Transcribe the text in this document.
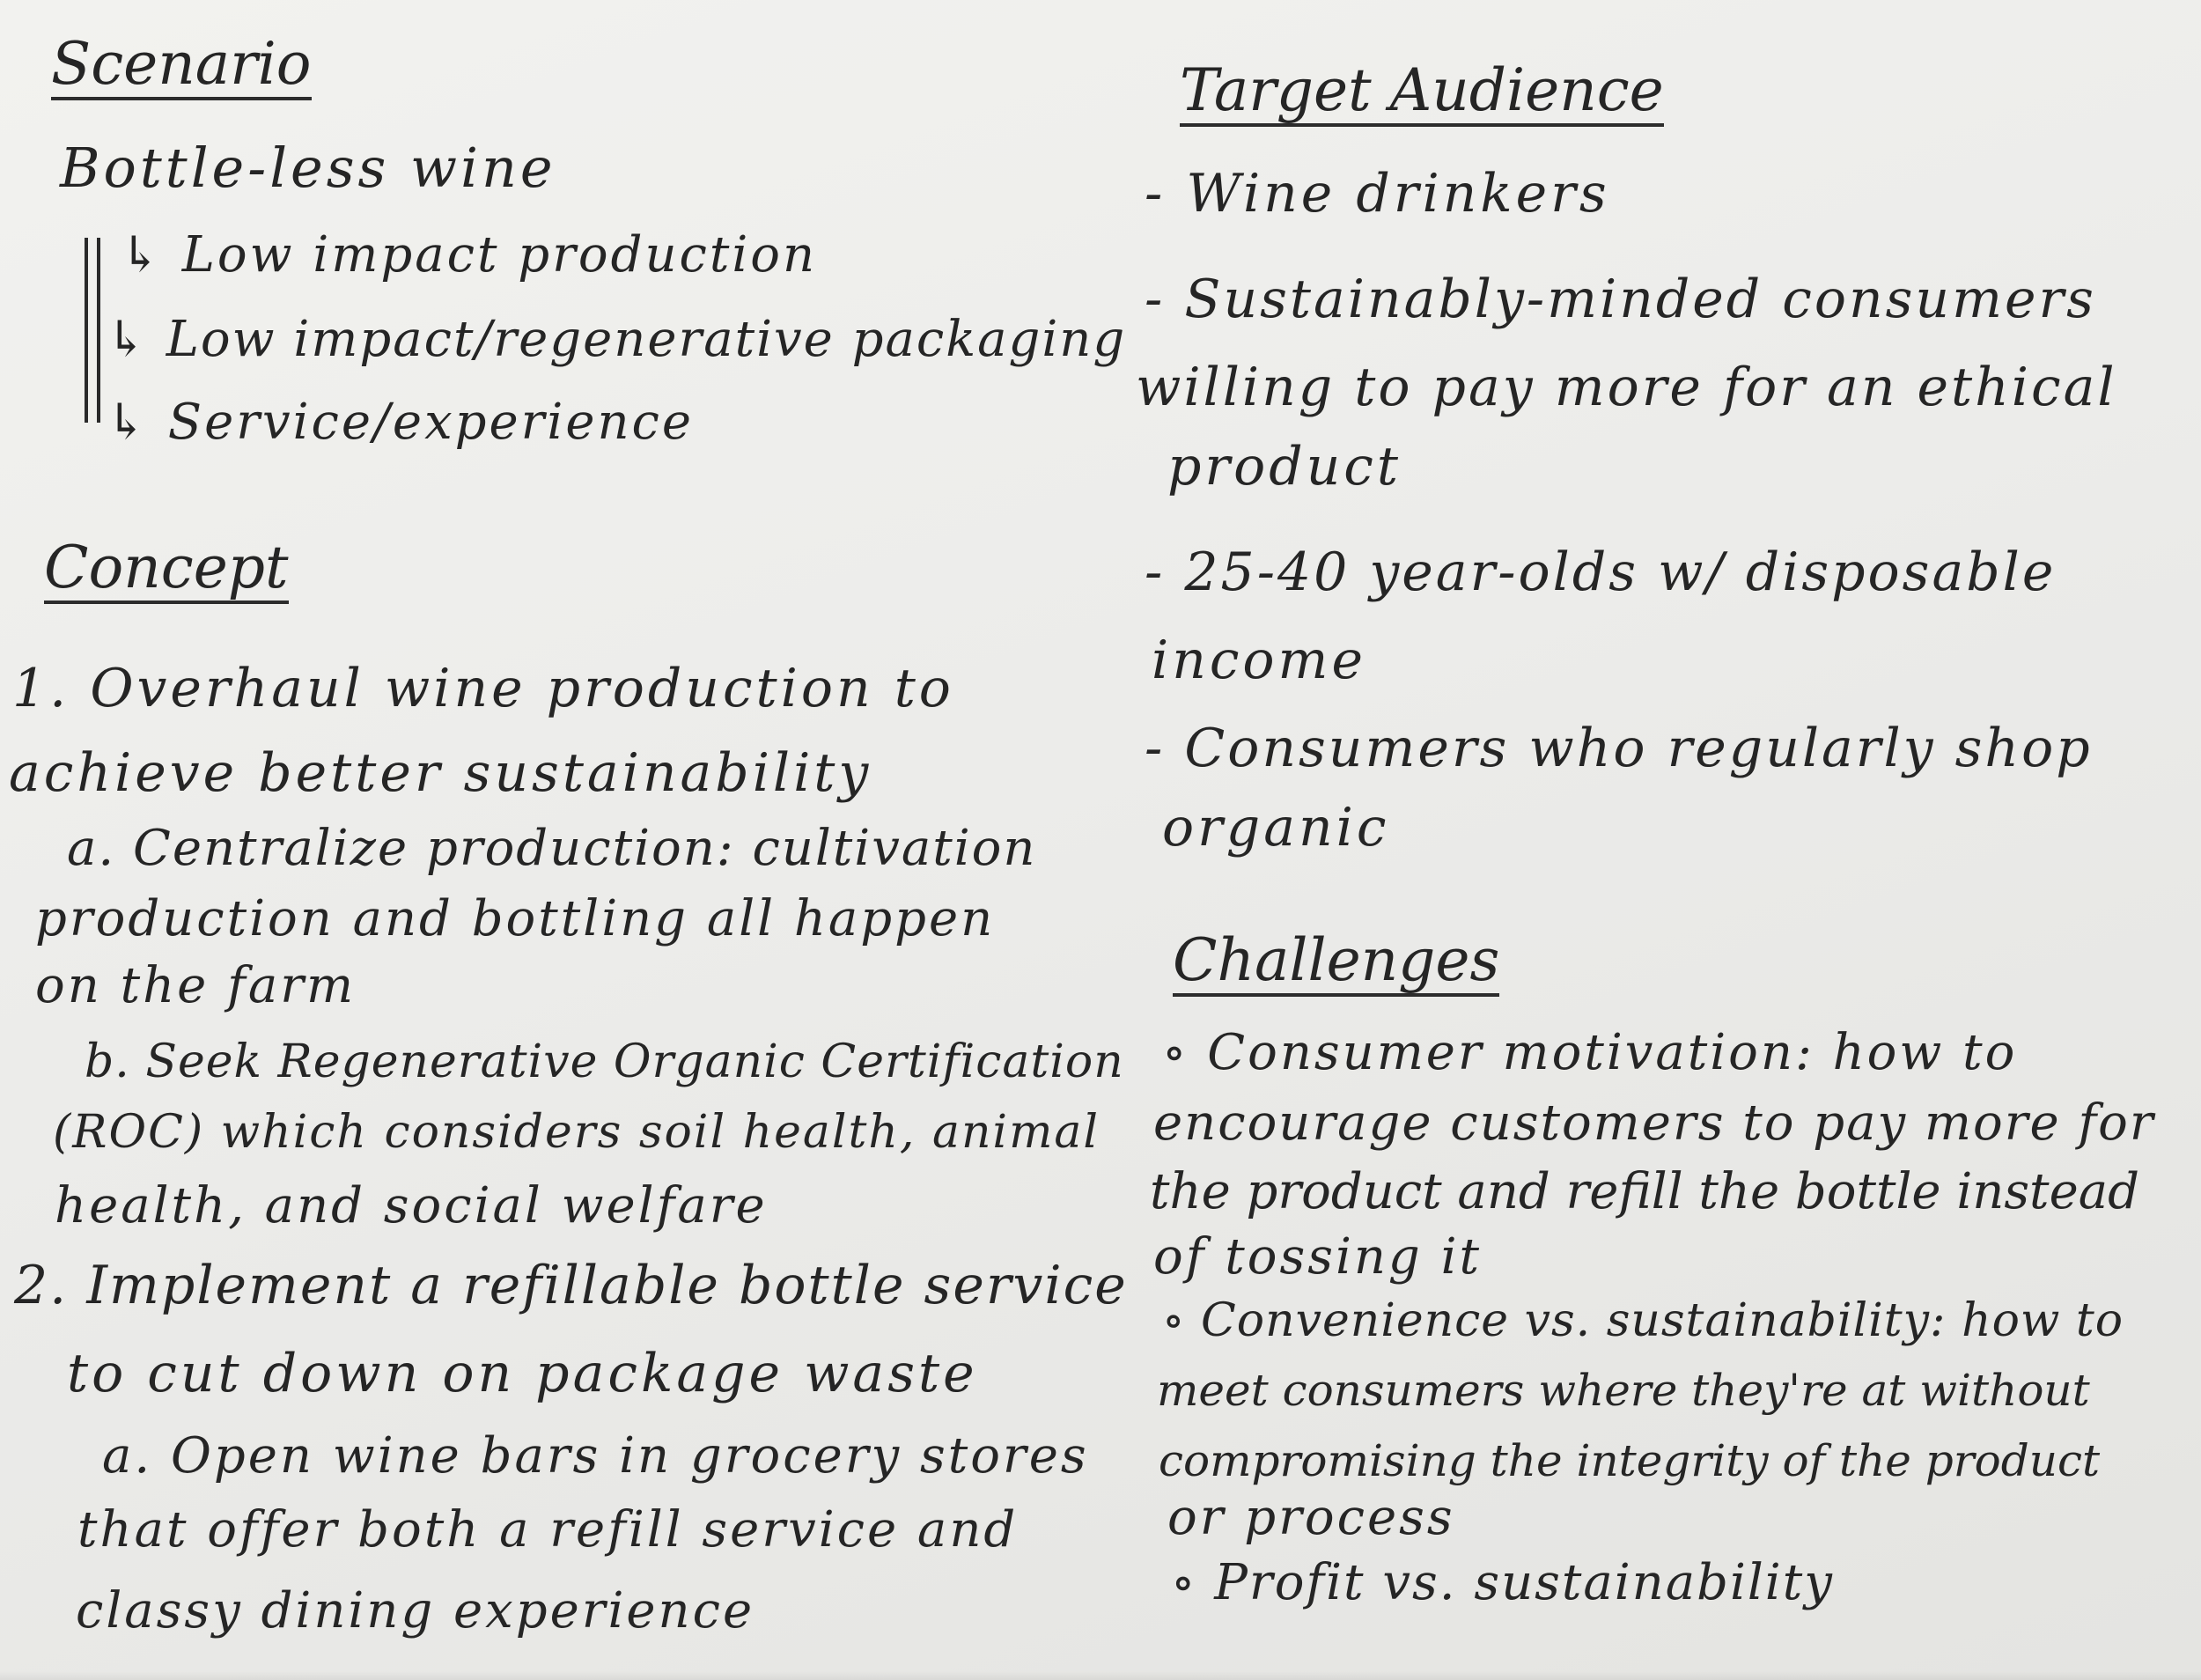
Scenario
Bottle-less wine
↳ Low impact production
↳ Low impact/regenerative packaging
↳ Service/experience
Concept
1. Overhaul wine production to
achieve better sustainability
a. Centralize production: cultivation
production and bottling all happen
on the farm
b. Seek Regenerative Organic Certification
(ROC) which considers soil health, animal
health, and social welfare
2. Implement a refillable bottle service
to cut down on package waste
a. Open wine bars in grocery stores
that offer both a refill service and
classy dining experience
Target Audience
- Wine drinkers
- Sustainably-minded consumers
willing to pay more for an ethical
product
- 25-40 year-olds w/ disposable
income
- Consumers who regularly shop
organic
Challenges
∘ Consumer motivation: how to
encourage customers to pay more for
the product and refill the bottle instead
of tossing it
∘ Convenience vs. sustainability: how to
meet consumers where they're at without
compromising the integrity of the product
or process
∘ Profit vs. sustainability
